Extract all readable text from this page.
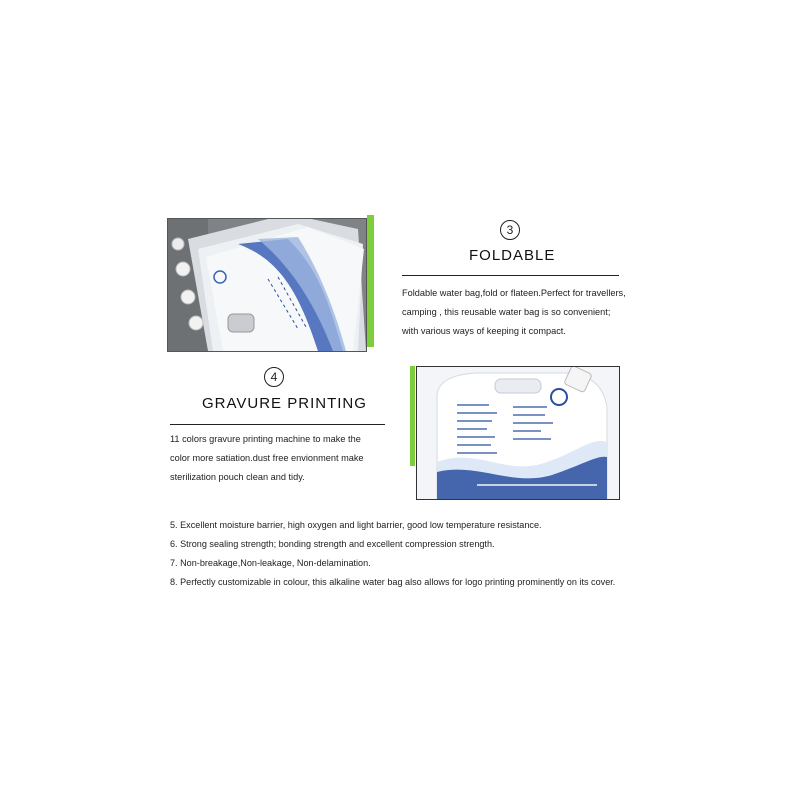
3
FOLDABLE
Foldable water bag,fold or flateen.Perfect for travellers,
camping , this reusable water bag is so convenient;
with various ways of keeping it compact.
4
GRAVURE PRINTING
11 colors gravure printing machine to make the
color more satiation.dust free envionment make
sterilization pouch clean and tidy.
5. Excellent moisture barrier, high oxygen and light barrier, good low temperature resistance.
6. Strong sealing strength; bonding strength and excellent compression strength.
7. Non-breakage,Non-leakage, Non-delamination.
8. Perfectly customizable in colour, this alkaline water bag also allows for logo printing prominently on its cover.
